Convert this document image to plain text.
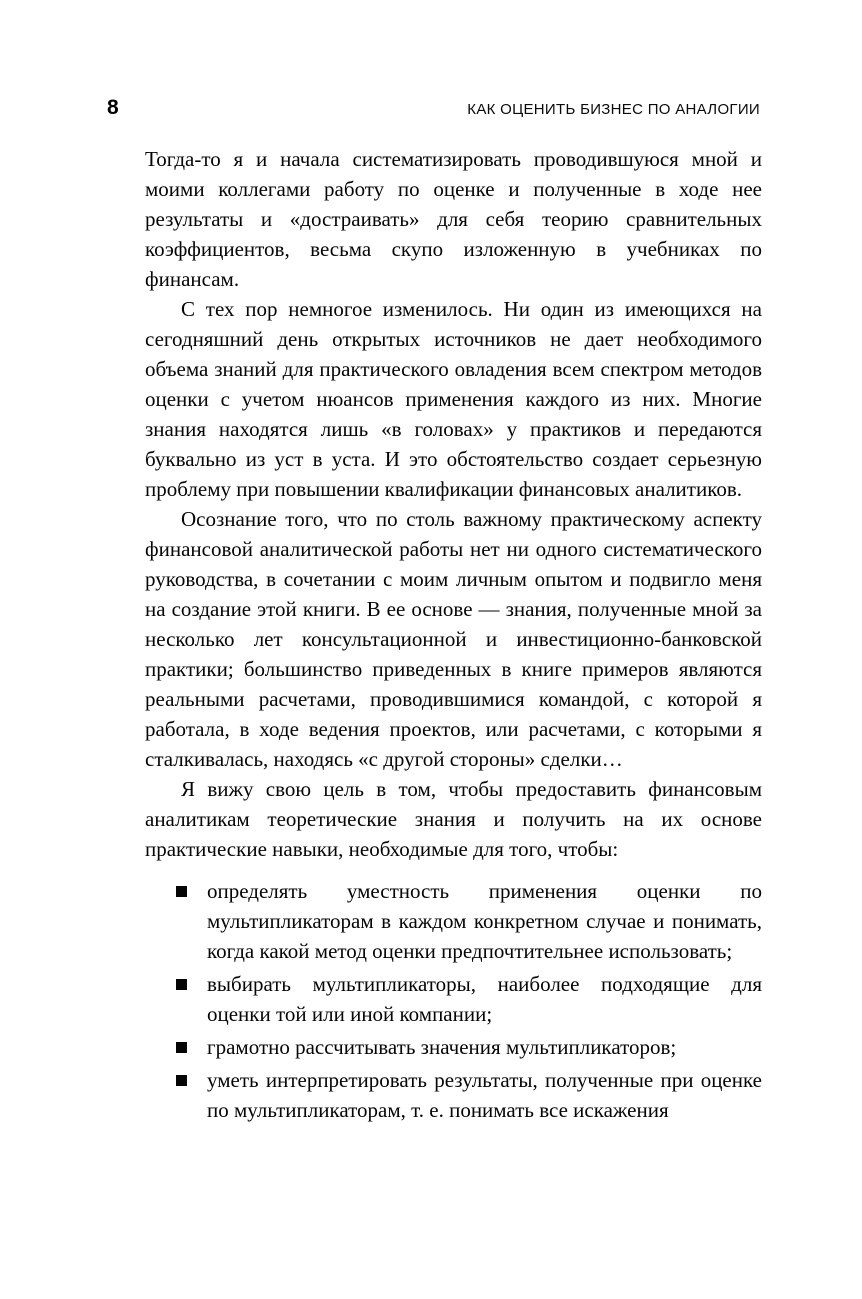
8	КАК ОЦЕНИТЬ БИЗНЕС ПО АНАЛОГИИ

Тогда-то я и начала систематизировать проводившуюся мной и моими коллегами работу по оценке и полученные в ходе нее результаты и «достраивать» для себя теорию сравнительных коэффициентов, весьма скупо изложенную в учебниках по финансам.

С тех пор немногое изменилось. Ни один из имеющихся на сегодняшний день открытых источников не дает необходимого объема знаний для практического овладения всем спектром методов оценки с учетом нюансов применения каждого из них. Многие знания находятся лишь «в головах» у практиков и передаются буквально из уст в уста. И это обстоятельство создает серьезную проблему при повышении квалификации финансовых аналитиков.

Осознание того, что по столь важному практическому аспекту финансовой аналитической работы нет ни одного систематического руководства, в сочетании с моим личным опытом и подвигло меня на создание этой книги. В ее основе — знания, полученные мной за несколько лет консультационной и инвестиционно-банковской практики; большинство приведенных в книге примеров являются реальными расчетами, проводившимися командой, с которой я работала, в ходе ведения проектов, или расчетами, с которыми я сталкивалась, находясь «с другой стороны» сделки…

Я вижу свою цель в том, чтобы предоставить финансовым аналитикам теоретические знания и получить на их основе практические навыки, необходимые для того, чтобы:

определять уместность применения оценки по мультипликаторам в каждом конкретном случае и понимать, когда какой метод оценки предпочтительнее использовать;
выбирать мультипликаторы, наиболее подходящие для оценки той или иной компании;
грамотно рассчитывать значения мультипликаторов;
уметь интерпретировать результаты, полученные при оценке по мультипликаторам, т. е. понимать все искажения
